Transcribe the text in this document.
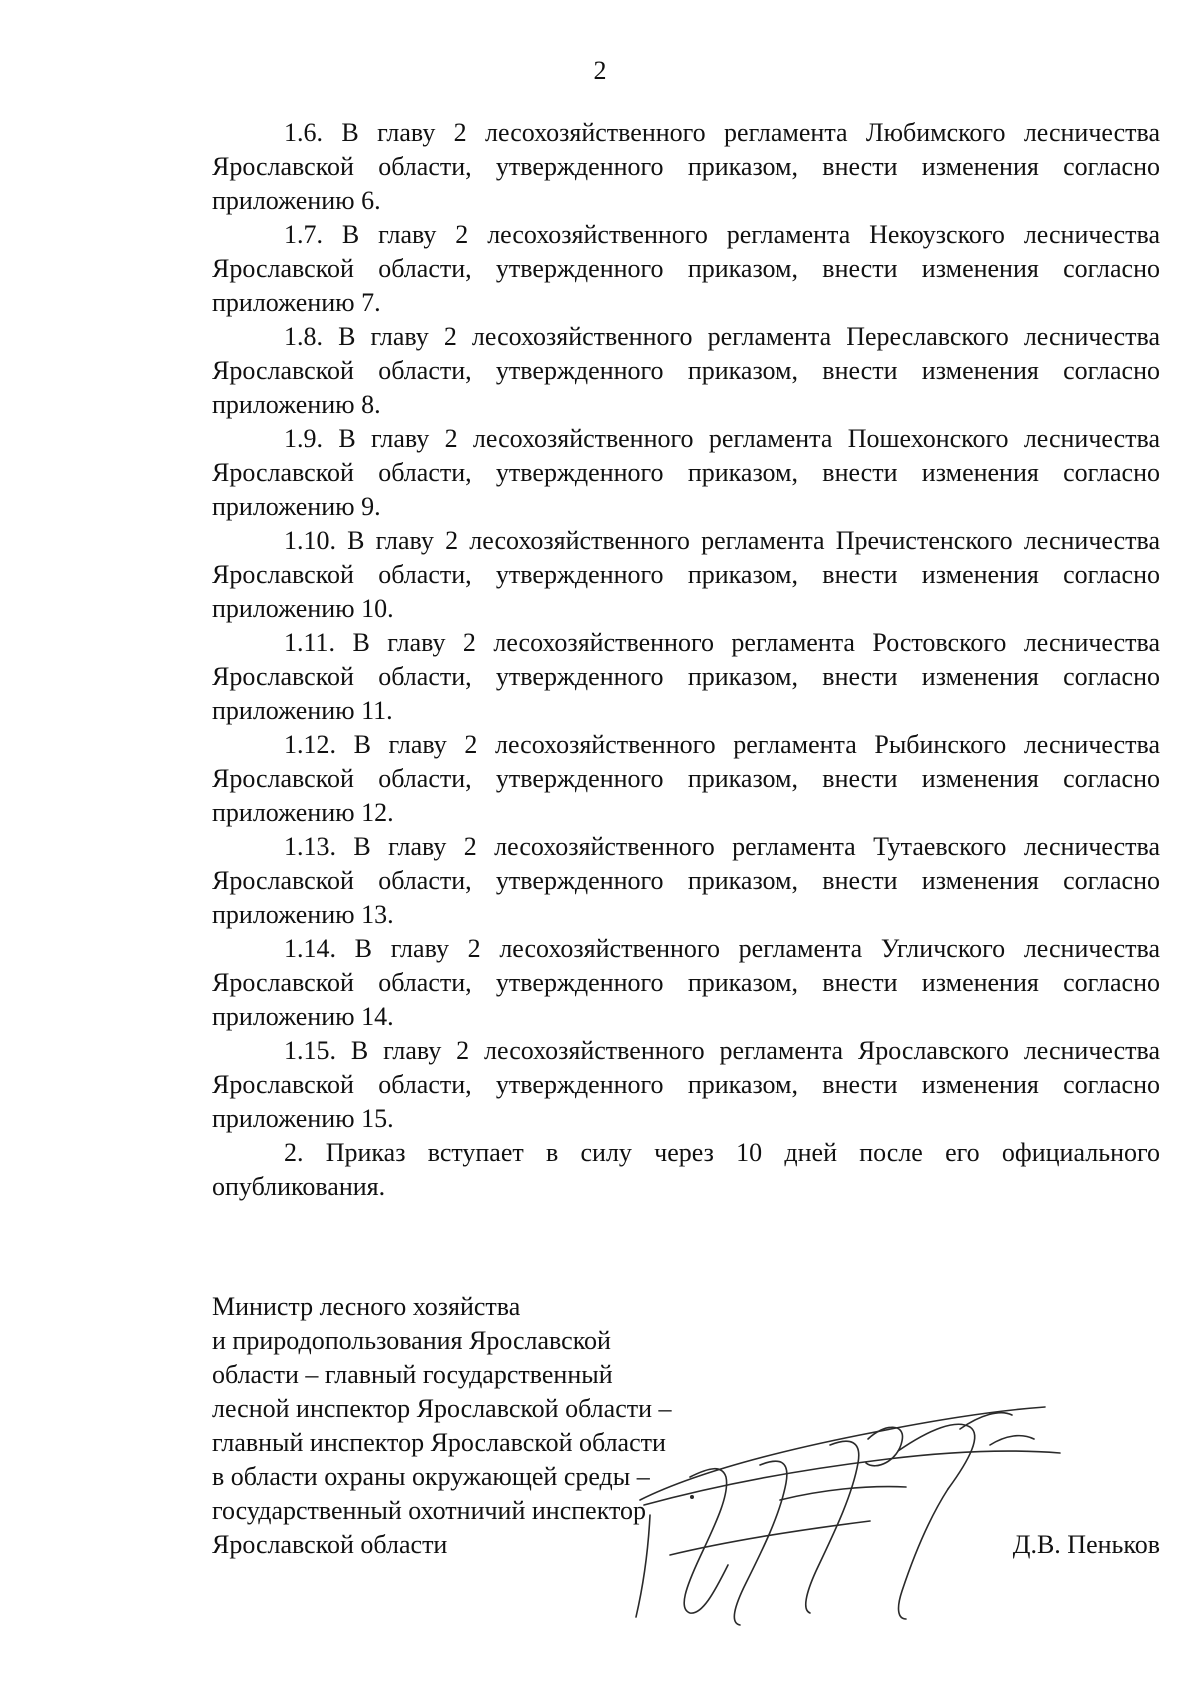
2

1.6. В главу 2 лесохозяйственного регламента Любимского лесничества Ярославской области, утвержденного приказом, внести изменения согласно приложению 6.

1.7. В главу 2 лесохозяйственного регламента Некоузского лесничества Ярославской области, утвержденного приказом, внести изменения согласно приложению 7.

1.8. В главу 2 лесохозяйственного регламента Переславского лесничества Ярославской области, утвержденного приказом, внести изменения согласно приложению 8.

1.9. В главу 2 лесохозяйственного регламента Пошехонского лесничества Ярославской области, утвержденного приказом, внести изменения согласно приложению 9.

1.10. В главу 2 лесохозяйственного регламента Пречистенского лесничества Ярославской области, утвержденного приказом, внести изменения согласно приложению 10.

1.11. В главу 2 лесохозяйственного регламента Ростовского лесничества Ярославской области, утвержденного приказом, внести изменения согласно приложению 11.

1.12. В главу 2 лесохозяйственного регламента Рыбинского лесничества Ярославской области, утвержденного приказом, внести изменения согласно приложению 12.

1.13. В главу 2 лесохозяйственного регламента Тутаевского лесничества Ярославской области, утвержденного приказом, внести изменения согласно приложению 13.

1.14. В главу 2 лесохозяйственного регламента Угличского лесничества Ярославской области, утвержденного приказом, внести изменения согласно приложению 14.

1.15. В главу 2 лесохозяйственного регламента Ярославского лесничества Ярославской области, утвержденного приказом, внести изменения согласно приложению 15.

2. Приказ вступает в силу через 10 дней после его официального опубликования.

Министр лесного хозяйства
и природопользования Ярославской
области – главный государственный
лесной инспектор Ярославской области –
главный инспектор Ярославской области
в области охраны окружающей среды –
государственный охотничий инспектор
Ярославской области	Д.В. Пеньков
